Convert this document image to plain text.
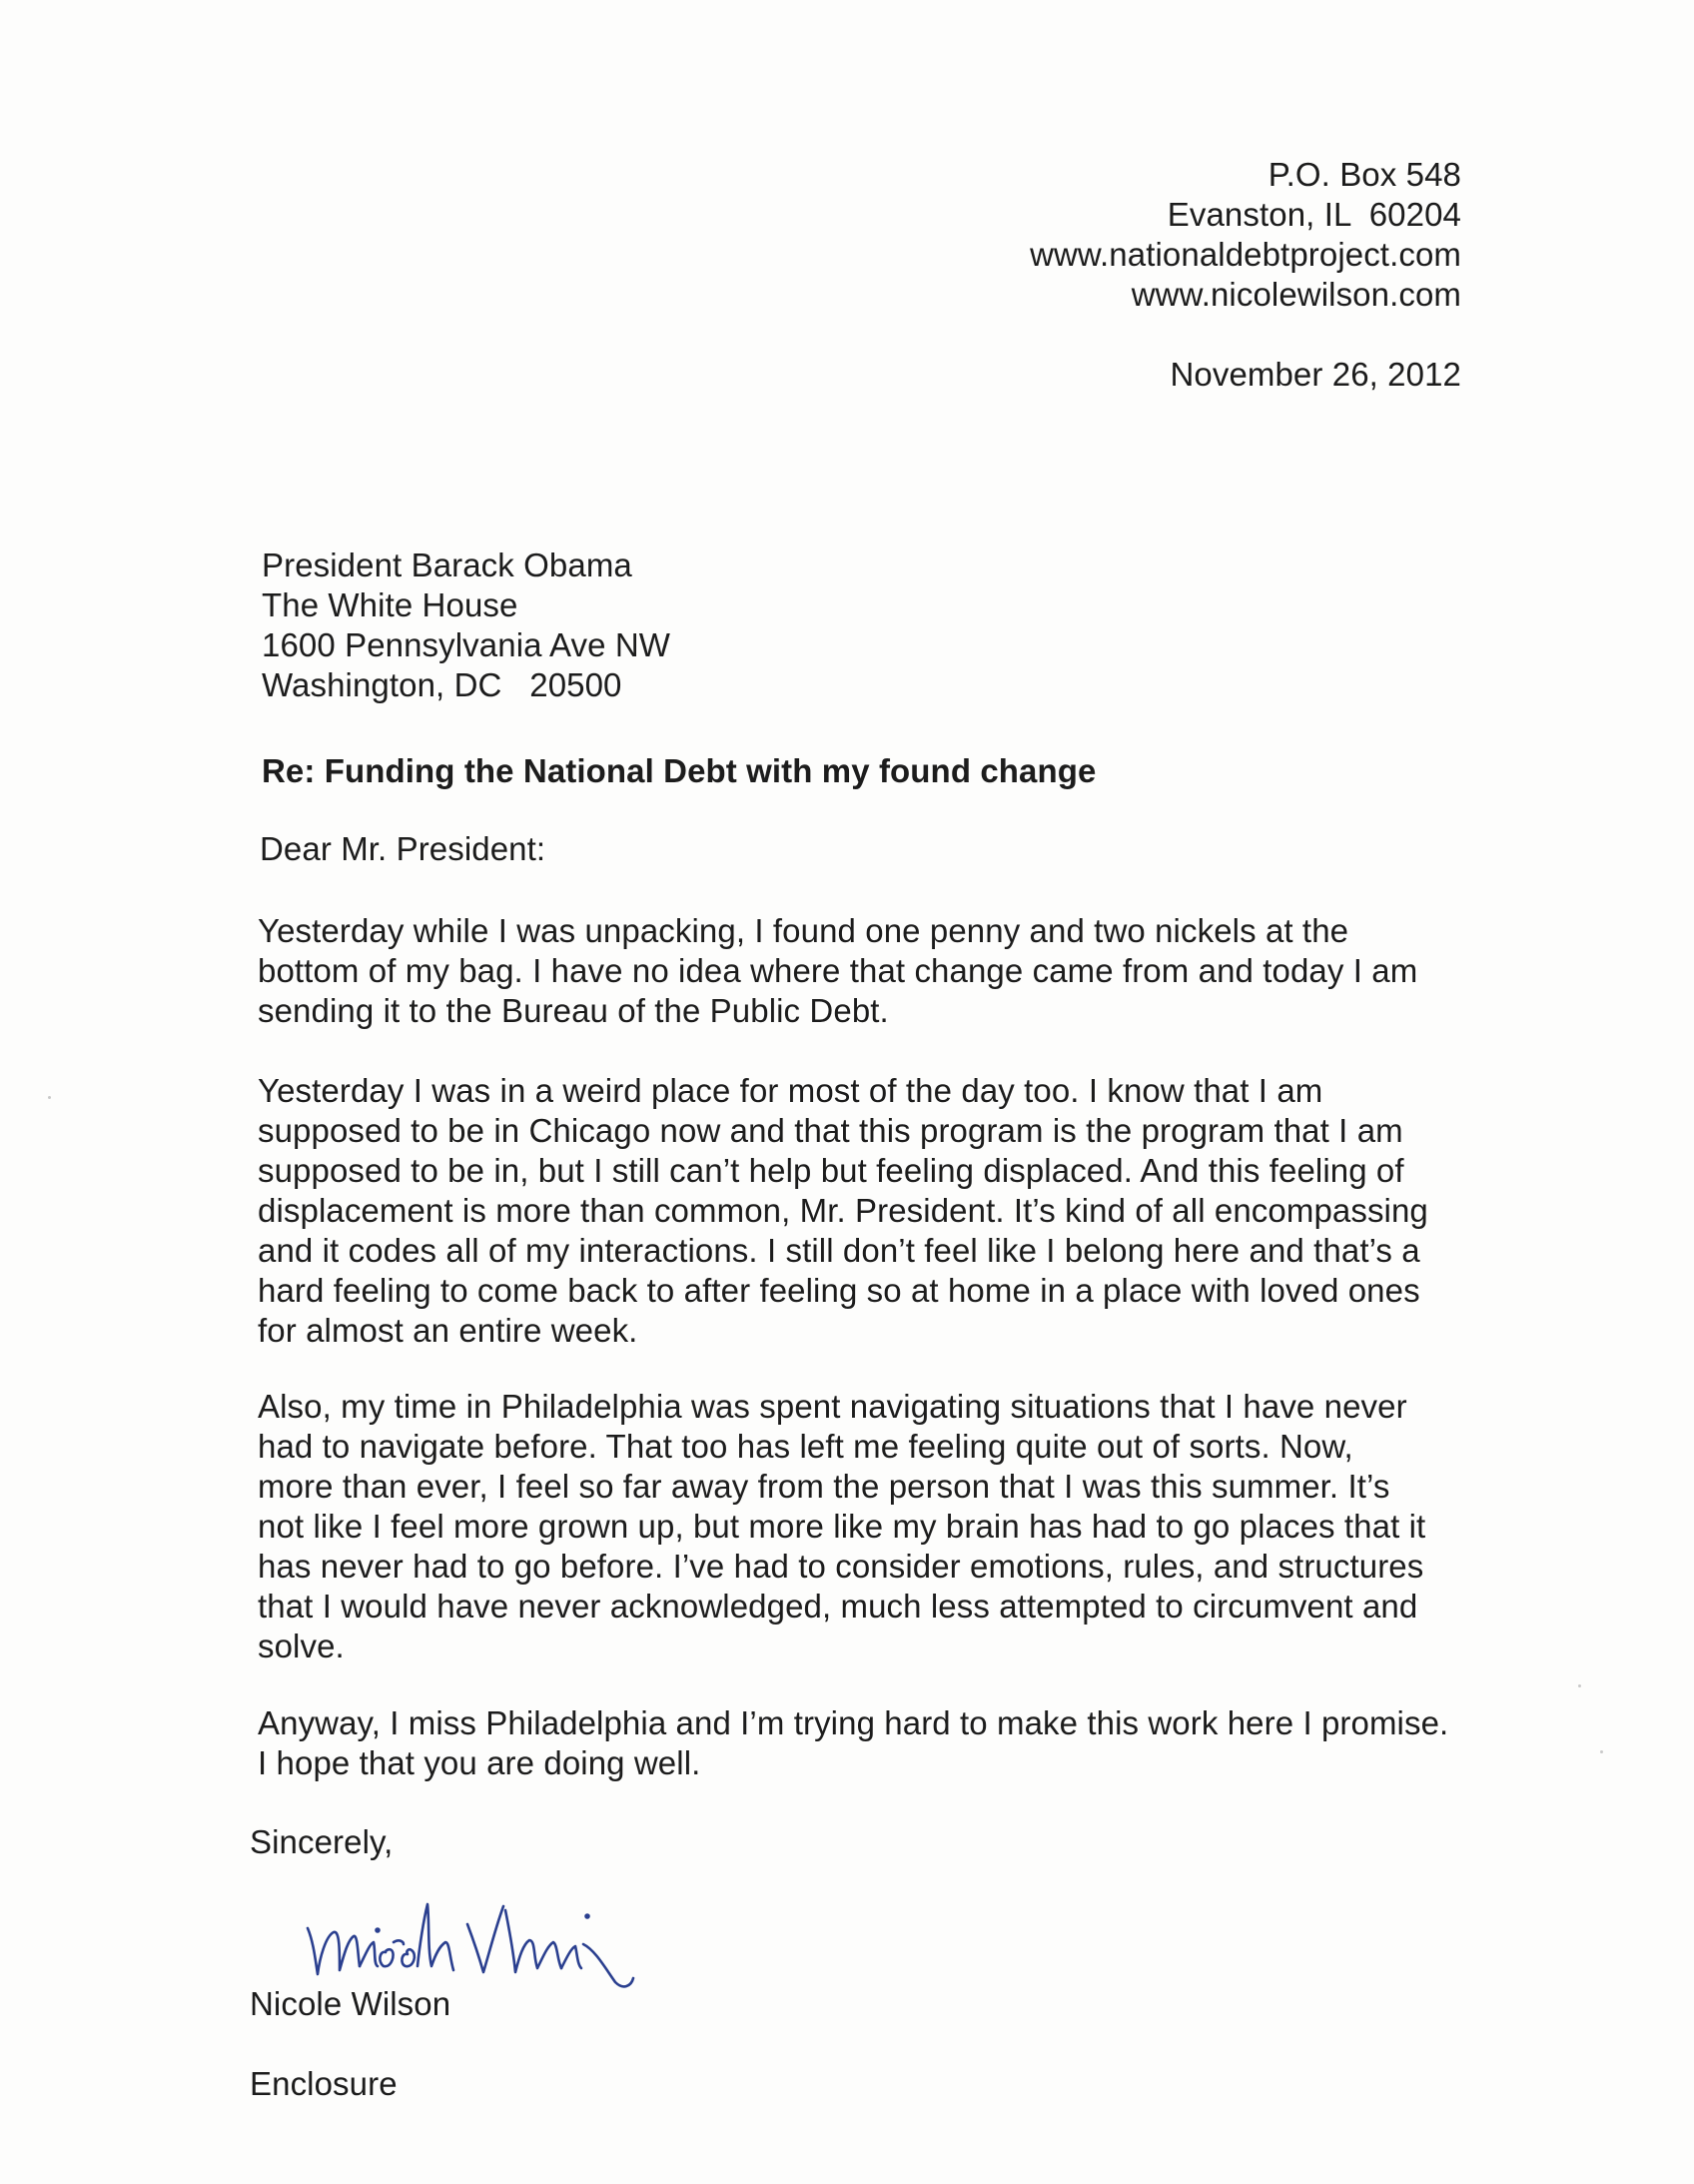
P.O. Box 548
Evanston, IL  60204
www.nationaldebtproject.com
www.nicolewilson.com
November 26, 2012
President Barack Obama
The White House
1600 Pennsylvania Ave NW
Washington, DC   20500
Re: Funding the National Debt with my found change
Dear Mr. President:
Yesterday while I was unpacking, I found one penny and two nickels at the
bottom of my bag. I have no idea where that change came from and today I am
sending it to the Bureau of the Public Debt.
Yesterday I was in a weird place for most of the day too. I know that I am
supposed to be in Chicago now and that this program is the program that I am
supposed to be in, but I still can’t help but feeling displaced. And this feeling of
displacement is more than common, Mr. President. It’s kind of all encompassing
and it codes all of my interactions. I still don’t feel like I belong here and that’s a
hard feeling to come back to after feeling so at home in a place with loved ones
for almost an entire week.
Also, my time in Philadelphia was spent navigating situations that I have never
had to navigate before. That too has left me feeling quite out of sorts. Now,
more than ever, I feel so far away from the person that I was this summer. It’s
not like I feel more grown up, but more like my brain has had to go places that it
has never had to go before. I’ve had to consider emotions, rules, and structures
that I would have never acknowledged, much less attempted to circumvent and
solve.
Anyway, I miss Philadelphia and I’m trying hard to make this work here I promise.
I hope that you are doing well.
Sincerely,
Nicole Wilson
Enclosure
